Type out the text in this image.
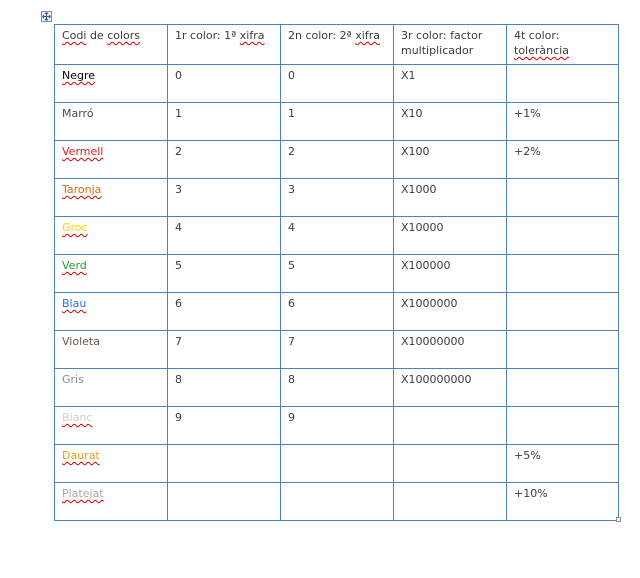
Codi de colors	1r color: 1ª xifra	2n color: 2ª xifra	3r color: factor multiplicador	4t color: tolerància
Negre	0	0	X1	
Marró	1	1	X10	+1%
Vermell	2	2	X100	+2%
Taronja	3	3	X1000	
Groc	4	4	X10000	
Verd	5	5	X100000	
Blau	6	6	X1000000	
Violeta	7	7	X10000000	
Gris	8	8	X100000000	
Blanc	9	9		
Daurat				+5%
Platejat				+10%
